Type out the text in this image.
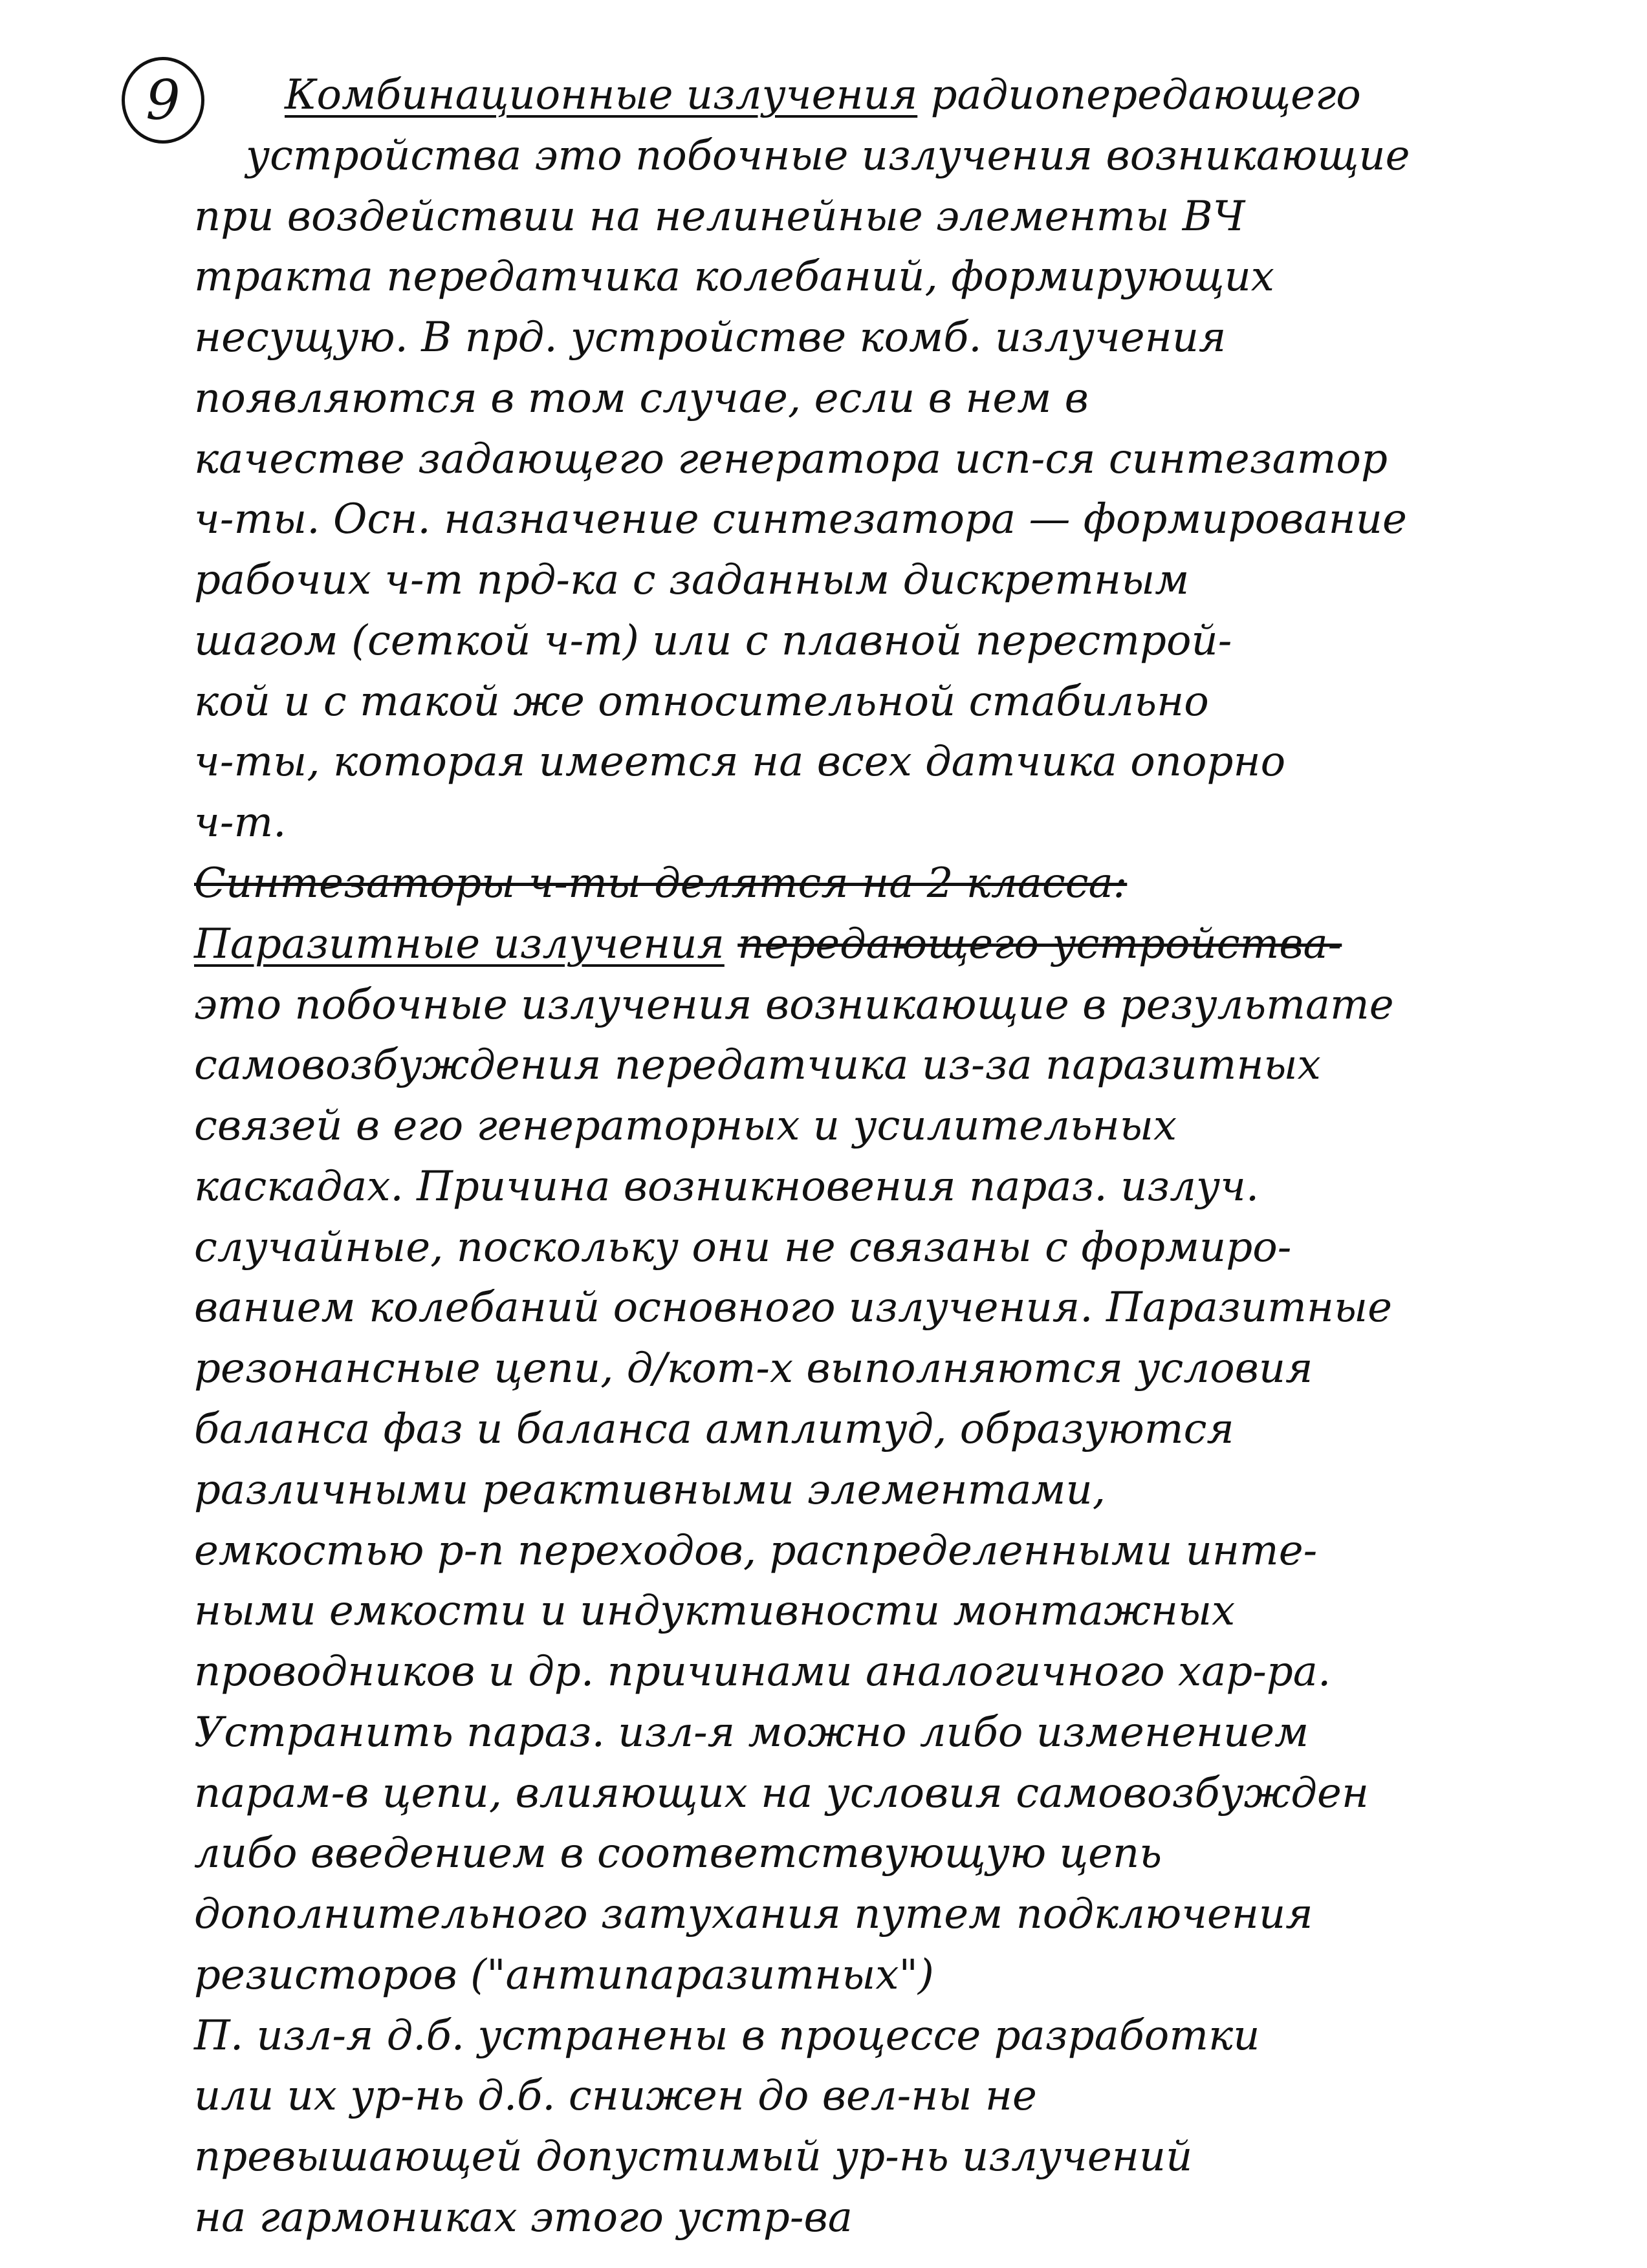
9	Комбинационные излучения радиопередающего
устройства это побочные излучения возникающие
при воздействии на нелинейные элементы ВЧ
тракта передатчика колебаний, формирующих
несущую. В прд. устройстве комб. излучения
появляются в том случае, если в нем в
качестве задающего генератора исп-ся синтезатор
ч-ты. Осн. назначение синтезатора — формирование
рабочих ч-т прд-ка с заданным дискретным
шагом (сеткой ч-т) или с плавной перестрой-
кой и с такой же относительной стабильно
ч-ты, которая имеется на всех датчика опорно
ч-т.
Синтезаторы ч-ты делятся на 2 класса:
Паразитные излучения передающего устройства-
это побочные излучения возникающие в результате
самовозбуждения передатчика из-за паразитных
связей в его генераторных и усилительных
каскадах. Причина возникновения параз. излуч.
случайные, поскольку они не связаны с формиро-
ванием колебаний основного излучения. Паразитные
резонансные цепи, д/кот-х выполняются условия
баланса фаз и баланса амплитуд, образуются
различными реактивными элементами,
емкостью р-п переходов, распределенными инте-
ными емкости и индуктивности монтажных
проводников и др. причинами аналогичного хар-ра.
Устранить параз. изл-я можно либо изменением
парам-в цепи, влияющих на условия самовозбужден
либо введением в соответствующую цепь
дополнительного затухания путем подключения
резисторов ("антипаразитных")
П. изл-я д.б. устранены в процессе разработки
или их ур-нь д.б. снижен до вел-ны не
превышающей допустимый ур-нь излучений
на гармониках этого устр-ва
